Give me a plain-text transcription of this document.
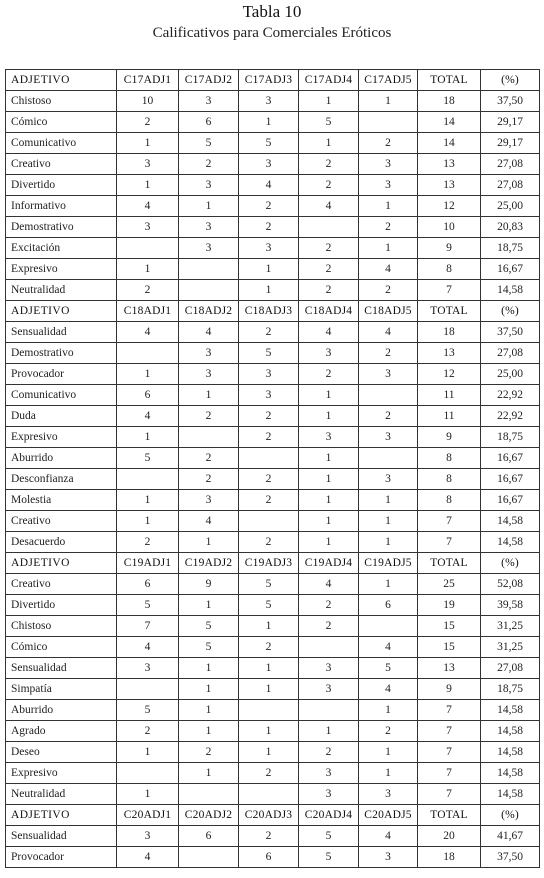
Tabla 10
Calificativos para Comerciales Eróticos
ADJETIVO	C17ADJ1	C17ADJ2	C17ADJ3	C17ADJ4	C17ADJ5	TOTAL	(%)
Chistoso	10	3	3	1	1	18	37,50
Cómico	2	6	1	5		14	29,17
Comunicativo	1	5	5	1	2	14	29,17
Creativo	3	2	3	2	3	13	27,08
Divertido	1	3	4	2	3	13	27,08
Informativo	4	1	2	4	1	12	25,00
Demostrativo	3	3	2		2	10	20,83
Excitación		3	3	2	1	9	18,75
Expresivo	1		1	2	4	8	16,67
Neutralidad	2		1	2	2	7	14,58
ADJETIVO	C18ADJ1	C18ADJ2	C18ADJ3	C18ADJ4	C18ADJ5	TOTAL	(%)
Sensualidad	4	4	2	4	4	18	37,50
Demostrativo		3	5	3	2	13	27,08
Provocador	1	3	3	2	3	12	25,00
Comunicativo	6	1	3	1		11	22,92
Duda	4	2	2	1	2	11	22,92
Expresivo	1		2	3	3	9	18,75
Aburrido	5	2		1		8	16,67
Desconfianza		2	2	1	3	8	16,67
Molestia	1	3	2	1	1	8	16,67
Creativo	1	4		1	1	7	14,58
Desacuerdo	2	1	2	1	1	7	14,58
ADJETIVO	C19ADJ1	C19ADJ2	C19ADJ3	C19ADJ4	C19ADJ5	TOTAL	(%)
Creativo	6	9	5	4	1	25	52,08
Divertido	5	1	5	2	6	19	39,58
Chistoso	7	5	1	2		15	31,25
Cómico	4	5	2		4	15	31,25
Sensualidad	3	1	1	3	5	13	27,08
Simpatía		1	1	3	4	9	18,75
Aburrido	5	1			1	7	14,58
Agrado	2	1	1	1	2	7	14,58
Deseo	1	2	1	2	1	7	14,58
Expresivo		1	2	3	1	7	14,58
Neutralidad	1			3	3	7	14,58
ADJETIVO	C20ADJ1	C20ADJ2	C20ADJ3	C20ADJ4	C20ADJ5	TOTAL	(%)
Sensualidad	3	6	2	5	4	20	41,67
Provocador	4		6	5	3	18	37,50
